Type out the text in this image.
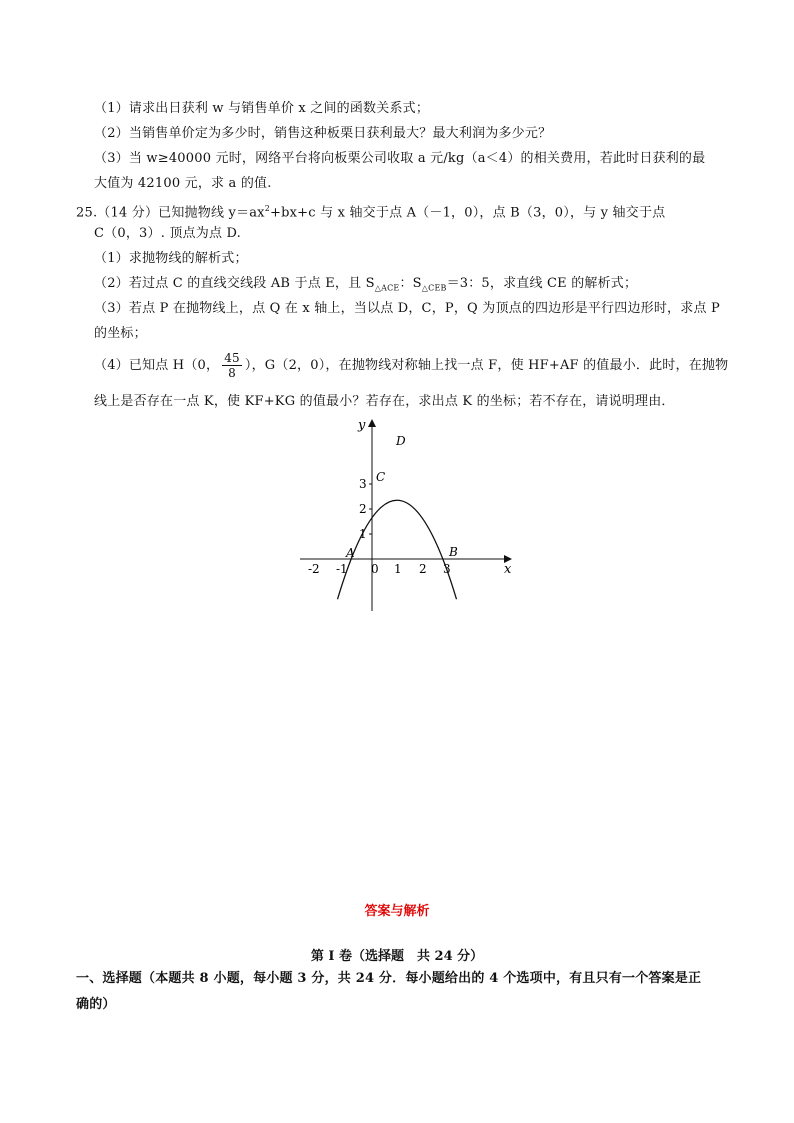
（1）请求出日获利 w 与销售单价 x 之间的函数关系式；
（2）当销售单价定为多少时，销售这种板栗日获利最大？最大利润为多少元？
（3）当 w≥40000 元时，网络平台将向板栗公司收取 a 元/kg（a＜4）的相关费用，若此时日获利的最
大值为 42100 元，求 a 的值.
25.（14 分）已知抛物线 $y=ax^2+bx+c$ 与 x 轴交于点 A（－1，0），点 B（3，0），与 y 轴交于点
C（0，3）. 顶点为点 D.
（1）求抛物线的解析式；
（2）若过点 C 的直线交线段 AB 于点 E，且 $S_{\triangle ACE}$：$S_{\triangle CEB}=3$：5，求直线 CE 的解析式；
（3）若点 P 在抛物线上，点 Q 在 x 轴上，当以点 D，C，P，Q 为顶点的四边形是平行四边形时，求点 P
的坐标；
（4）已知点 H（0， $\frac{45}{8}$ ），G（2，0），在抛物线对称轴上找一点 F，使 HF+AF 的值最小．此时，在抛物
线上是否存在一点 K，使 KF+KG 的值最小？若存在，求出点 K 的坐标；若不存在，请说明理由．
x
y
-2 -1 0 1 2 3
1
2
3
A	B
C
D
答案与解析
第 I 卷（选择题　共 24 分）
一、选择题（本题共 8 小题，每小题 3 分，共 24 分．每小题给出的 4 个选项中，有且只有一个答案是正
确的）
